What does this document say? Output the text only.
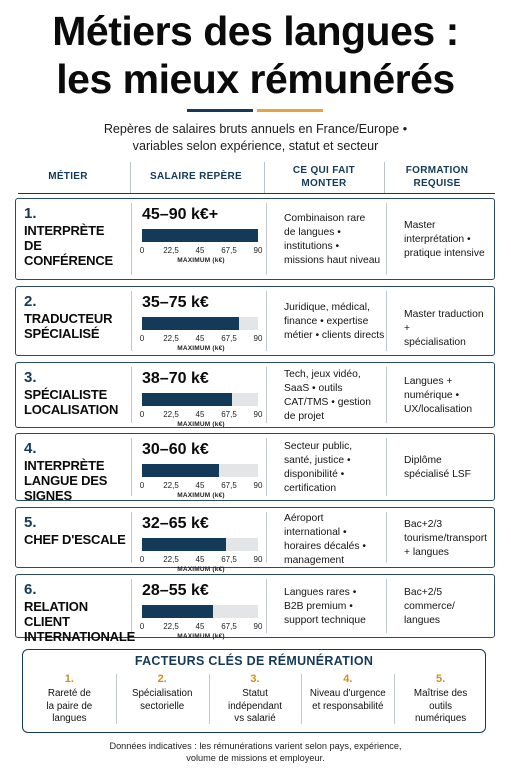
Métiers des langues :
les mieux rémunérés
Repères de salaires bruts annuels en France/Europe •
variables selon expérience, statut et secteur
MÉTIER	SALAIRE REPÈRE
CE QUI FAIT
MONTER
FORMATION
REQUISE
1.
INTERPRÈTE
DE CONFÉRENCE
45–90 k€+
0 22,5 45 67,5 90
MAXIMUM (k€)
Combinaison rare
de langues •
institutions •
missions haut niveau
Master
interprétation •
pratique intensive
2.
TRADUCTEUR
SPÉCIALISÉ
35–75 k€
0 22,5 45 67,5 90
MAXIMUM (k€)
Juridique, médical,
finance • expertise
métier • clients directs
Master traduction +
spécialisation
3.
SPÉCIALISTE
LOCALISATION
38–70 k€
0 22,5 45 67,5 90
MAXIMUM (k€)
Tech, jeux vidéo,
SaaS • outils
CAT/TMS • gestion
de projet
Langues +
numérique •
UX/localisation
4.
INTERPRÈTE
LANGUE DES
SIGNES
30–60 k€
0 22,5 45 67,5 90
MAXIMUM (k€)
Secteur public,
santé, justice •
disponibilité •
certification
Diplôme
spécialisé LSF
5.
CHEF D'ESCALE
32–65 k€
0 22,5 45 67,5 90
MAXIMUM (k€)
Aéroport
international •
horaires décalés •
management
Bac+2/3
tourisme/transport
+ langues
6.
RELATION CLIENT
INTERNATIONALE
28–55 k€
0 22,5 45 67,5 90
MAXIMUM (k€)
Langues rares •
B2B premium •
support technique
Bac+2/5
commerce/
langues
FACTEURS CLÉS DE RÉMUNÉRATION
1.
Rareté de
la paire de
langues
2.
Spécialisation
sectorielle
3.
Statut
indépendant
vs salarié
4.
Niveau d'urgence
et responsabilité
5.
Maîtrise des
outils
numériques
Données indicatives : les rémunérations varient selon pays, expérience,
volume de missions et employeur.
